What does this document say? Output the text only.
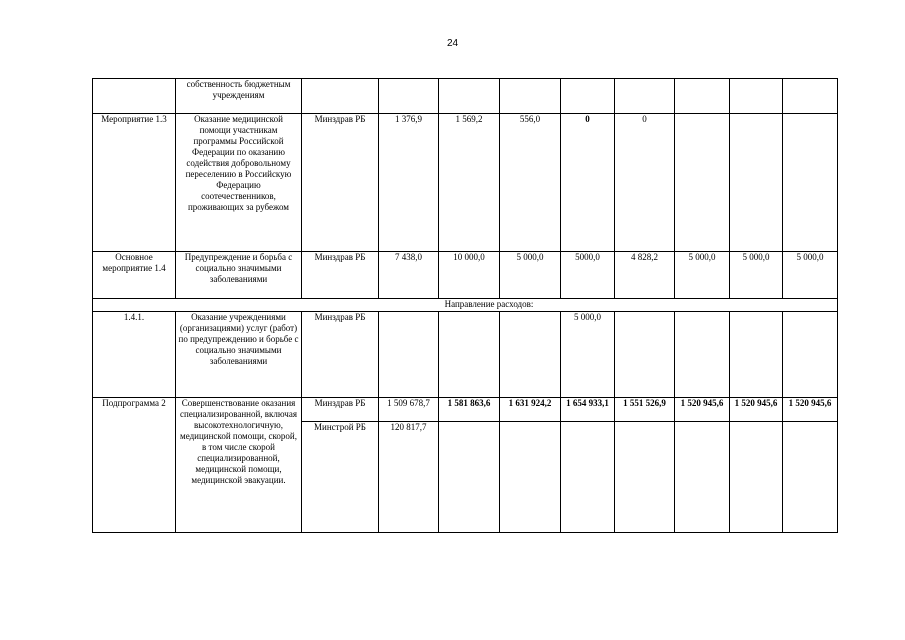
24
	собственность бюджетным учреждениям									
Мероприятие 1.3	Оказание медицинской помощи участникам программы Российской Федерации по оказанию содействия добровольному переселению в Российскую Федерацию соотечественников, проживающих за рубежом	Минздрав РБ	1 376,9	1 569,2	556,0	0	0			
Основное мероприятие 1.4	Предупреждение и борьба с социально значимыми заболеваниями	Минздрав РБ	7 438,0	10 000,0	5 000,0	5000,0	4 828,2	5 000,0	5 000,0	5 000,0
Направление расходов:										
1.4.1.	Оказание учреждениями (организациями) услуг (работ) по предупреждению и борьбе с социально значимыми заболеваниями	Минздрав РБ				5 000,0				
Подпрограмма 2	Совершенствование оказания специализированной, включая высокотехнологичную, медицинской помощи, скорой, в том числе скорой специализированной, медицинской помощи, медицинской эвакуации.	Минздрав РБ	1 509 678,7	1 581 863,6	1 631 924,2	1 654 933,1	1 551 526,9	1 520 945,6	1 520 945,6	1 520 945,6
		Минстрой РБ	120 817,7							
